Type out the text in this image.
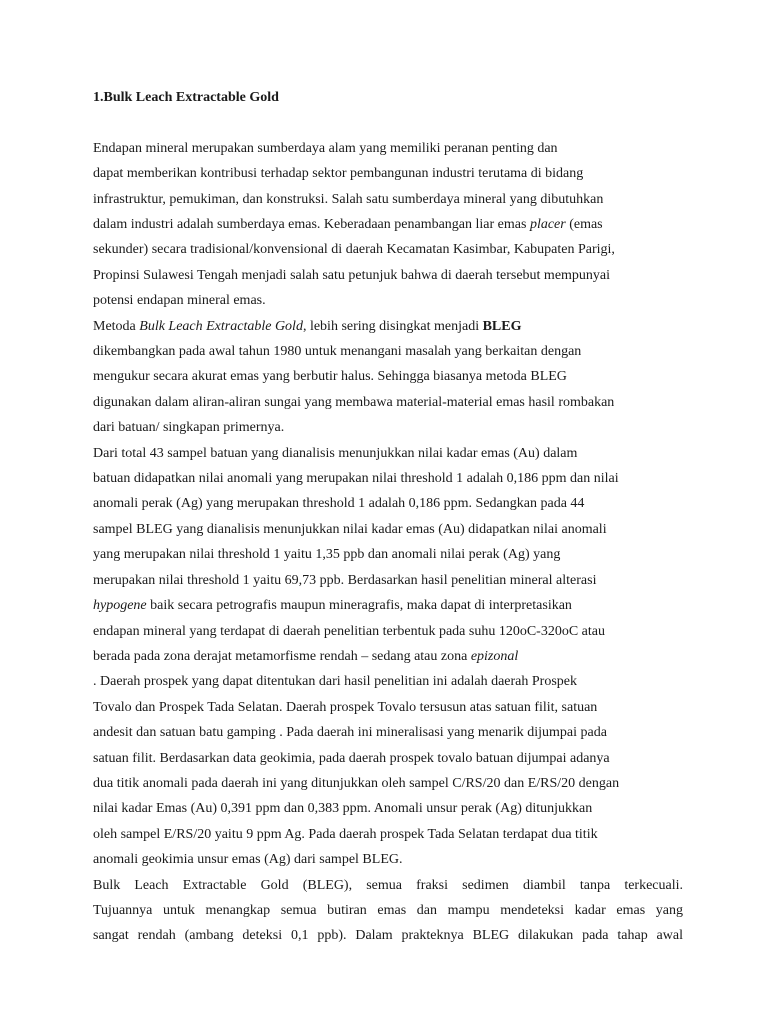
1.Bulk Leach Extractable Gold
Endapan mineral merupakan sumberdaya alam yang memiliki peranan penting dan
dapat memberikan kontribusi terhadap sektor pembangunan industri terutama di bidang
infrastruktur, pemukiman, dan konstruksi. Salah satu sumberdaya mineral yang dibutuhkan
dalam industri adalah sumberdaya emas. Keberadaan penambangan liar emas placer (emas
sekunder) secara tradisional/konvensional di daerah Kecamatan Kasimbar, Kabupaten Parigi,
Propinsi Sulawesi Tengah menjadi salah satu petunjuk bahwa di daerah tersebut mempunyai
potensi endapan mineral emas.
Metoda Bulk Leach Extractable Gold, lebih sering disingkat menjadi BLEG
dikembangkan pada awal tahun 1980 untuk menangani masalah yang berkaitan dengan
mengukur secara akurat emas yang berbutir halus. Sehingga biasanya metoda BLEG
digunakan dalam aliran-aliran sungai yang membawa material-material emas hasil rombakan
dari batuan/ singkapan primernya.
Dari total 43 sampel batuan yang dianalisis menunjukkan nilai kadar emas (Au) dalam
batuan didapatkan nilai anomali yang merupakan nilai threshold 1 adalah 0,186 ppm dan nilai
anomali perak (Ag) yang merupakan threshold 1 adalah 0,186 ppm. Sedangkan pada 44
sampel BLEG yang dianalisis menunjukkan nilai kadar emas (Au) didapatkan nilai anomali
yang merupakan nilai threshold 1 yaitu 1,35 ppb dan anomali nilai perak (Ag) yang
merupakan nilai threshold 1 yaitu 69,73 ppb. Berdasarkan hasil penelitian mineral alterasi
hypogene baik secara petrografis maupun mineragrafis, maka dapat di interpretasikan
endapan mineral yang terdapat di daerah penelitian terbentuk pada suhu 120oC-320oC atau
berada pada zona derajat metamorfisme rendah – sedang atau zona epizonal
. Daerah prospek yang dapat ditentukan dari hasil penelitian ini adalah daerah Prospek
Tovalo dan Prospek Tada Selatan. Daerah prospek Tovalo tersusun atas satuan filit, satuan
andesit dan satuan batu gamping . Pada daerah ini mineralisasi yang menarik dijumpai pada
satuan filit. Berdasarkan data geokimia, pada daerah prospek tovalo batuan dijumpai adanya
dua titik anomali pada daerah ini yang ditunjukkan oleh sampel C/RS/20 dan E/RS/20 dengan
nilai kadar Emas (Au) 0,391 ppm dan 0,383 ppm. Anomali unsur perak (Ag) ditunjukkan
oleh sampel E/RS/20 yaitu 9 ppm Ag. Pada daerah prospek Tada Selatan terdapat dua titik
anomali geokimia unsur emas (Ag) dari sampel BLEG.
Bulk Leach Extractable Gold (BLEG), semua fraksi sedimen diambil tanpa terkecuali.
Tujuannya untuk menangkap semua butiran emas dan mampu mendeteksi kadar emas yang
sangat rendah (ambang deteksi 0,1 ppb). Dalam prakteknya BLEG dilakukan pada tahap awal
